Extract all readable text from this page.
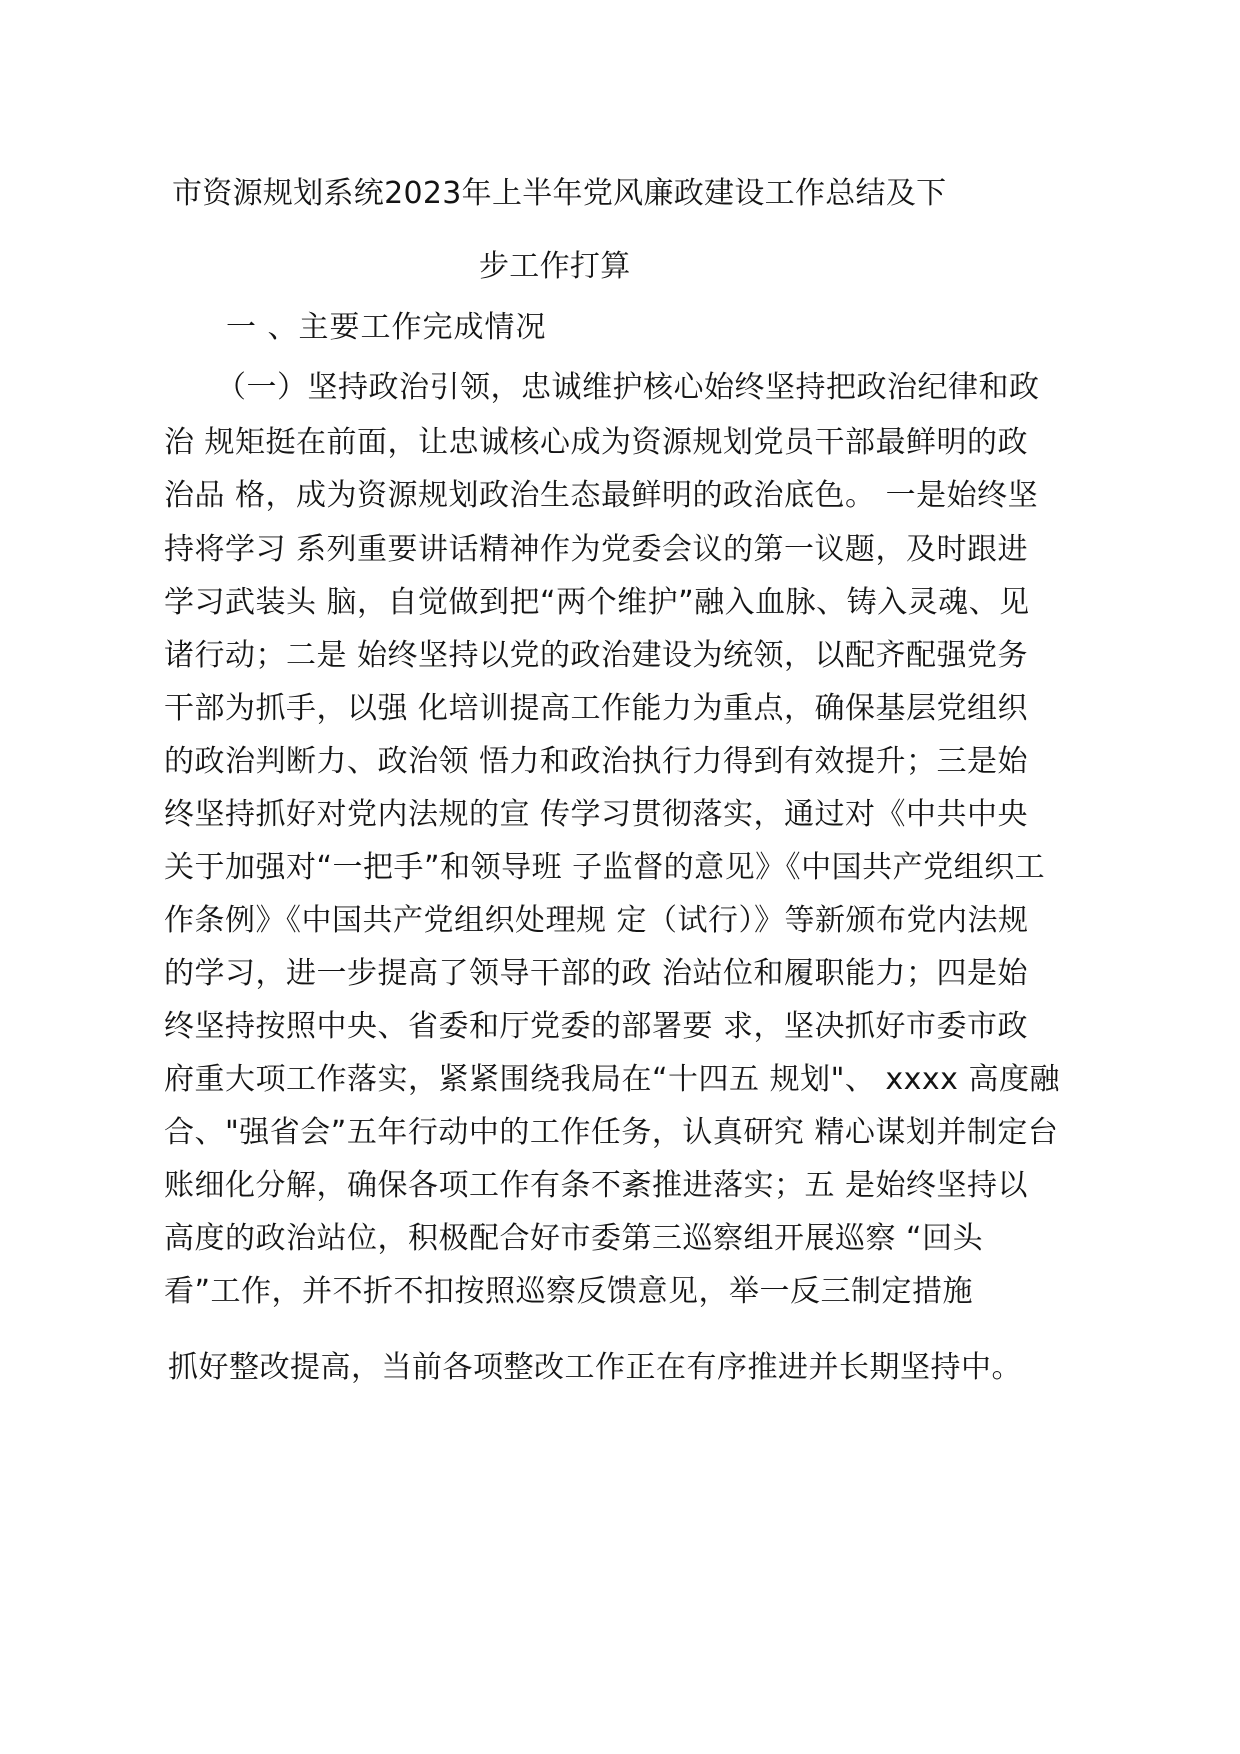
市资源规划系统2023年上半年党风廉政建设工作总结及下

步工作打算

一 、主要工作完成情况

（一）坚持政治引领，忠诚维护核心始终坚持把政治纪律和政

治 规矩挺在前面，让忠诚核心成为资源规划党员干部最鲜明的政

治品 格，成为资源规划政治生态最鲜明的政治底色。 一是始终坚

持将学习 系列重要讲话精神作为党委会议的第一议题，及时跟进

学习武装头 脑，自觉做到把“两个维护”融入血脉、铸入灵魂、见

诸行动；二是 始终坚持以党的政治建设为统领，以配齐配强党务

干部为抓手，以强 化培训提高工作能力为重点，确保基层党组织

的政治判断力、政治领 悟力和政治执行力得到有效提升；三是始

终坚持抓好对党内法规的宣 传学习贯彻落实，通过对《中共中央

关于加强对“一把手”和领导班 子监督的意见》《中国共产党组织工

作条例》《中国共产党组织处理规 定（试行）》等新颁布党内法规

的学习，进一步提高了领导干部的政 治站位和履职能力；四是始

终坚持按照中央、省委和厅党委的部署要 求，坚决抓好市委市政

府重大项工作落实，紧紧围绕我局在“十四五 规划"、 xxxx 高度融

合、"强省会”五年行动中的工作任务，认真研究 精心谋划并制定台

账细化分解，确保各项工作有条不紊推进落实；五 是始终坚持以

高度的政治站位，积极配合好市委第三巡察组开展巡察 “回头

看”工作，并不折不扣按照巡察反馈意见，举一反三制定措施

抓好整改提高，当前各项整改工作正在有序推进并长期坚持中。
